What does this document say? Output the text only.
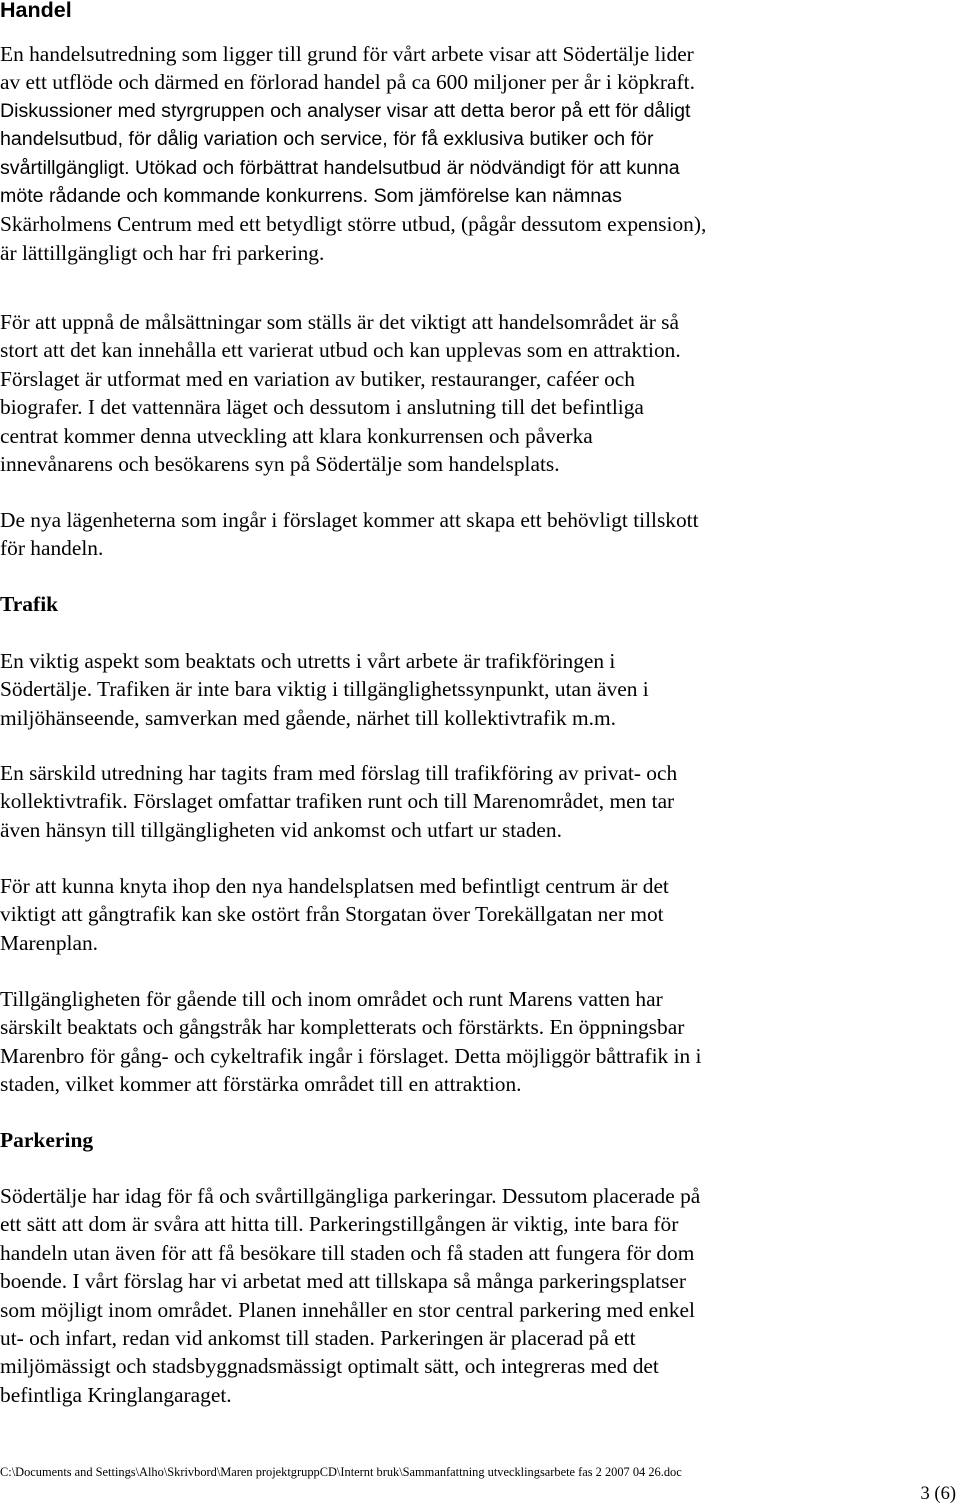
Handel

En handelsutredning som ligger till grund för vårt arbete visar att Södertälje lider
av ett utflöde och därmed en förlorad handel på ca 600 miljoner per år i köpkraft.
Diskussioner med styrgruppen och analyser visar att detta beror på ett för dåligt
handelsutbud, för dålig variation och service, för få exklusiva butiker och för
svårtillgängligt. Utökad och förbättrat handelsutbud är nödvändigt för att kunna
möte rådande och kommande konkurrens. Som jämförelse kan nämnas
Skärholmens Centrum med ett betydligt större utbud, (pågår dessutom expension),
är lättillgängligt och har fri parkering.

För att uppnå de målsättningar som ställs är det viktigt att handelsområdet är så
stort att det kan innehålla ett varierat utbud och kan upplevas som en attraktion.
Förslaget är utformat med en variation av butiker, restauranger, caféer och
biografer. I det vattennära läget och dessutom i anslutning till det befintliga
centrat kommer denna utveckling att klara konkurrensen och påverka
innevånarens och besökarens syn på Södertälje som handelsplats.

De nya lägenheterna som ingår i förslaget kommer att skapa ett behövligt tillskott
för handeln.

Trafik

En viktig aspekt som beaktats och utretts i vårt arbete är trafikföringen i
Södertälje. Trafiken är inte bara viktig i tillgänglighetssynpunkt, utan även i
miljöhänseende, samverkan med gående, närhet till kollektivtrafik m.m.

En särskild utredning har tagits fram med förslag till trafikföring av privat- och
kollektivtrafik. Förslaget omfattar trafiken runt och till Marenområdet, men tar
även hänsyn till tillgängligheten vid ankomst och utfart ur staden.

För att kunna knyta ihop den nya handelsplatsen med befintligt centrum är det
viktigt att gångtrafik kan ske ostört från Storgatan över Torekällgatan ner mot
Marenplan.

Tillgängligheten för gående till och inom området och runt Marens vatten har
särskilt beaktats och gångstråk har kompletterats och förstärkts. En öppningsbar
Marenbro för gång- och cykeltrafik ingår i förslaget. Detta möjliggör båttrafik in i
staden, vilket kommer att förstärka området till en attraktion.

Parkering

Södertälje har idag för få och svårtillgängliga parkeringar. Dessutom placerade på
ett sätt att dom är svåra att hitta till. Parkeringstillgången är viktig, inte bara för
handeln utan även för att få besökare till staden och få staden att fungera för dom
boende. I vårt förslag har vi arbetat med att tillskapa så många parkeringsplatser
som möjligt inom området. Planen innehåller en stor central parkering med enkel
ut- och infart, redan vid ankomst till staden. Parkeringen är placerad på ett
miljömässigt och stadsbyggnadsmässigt optimalt sätt, och integreras med det
befintliga Kringlangaraget.

C:\Documents and Settings\Alho\Skrivbord\Maren projektgruppCD\Internt bruk\Sammanfattning utvecklingsarbete fas 2 2007 04 26.doc
3 (6)
